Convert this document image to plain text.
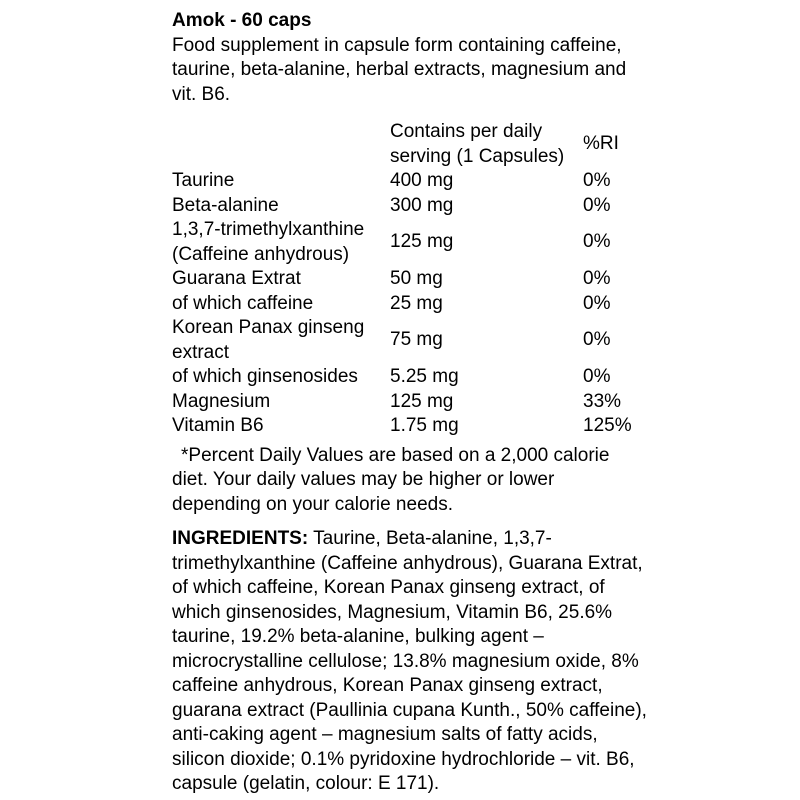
Amok - 60 caps

Food supplement in capsule form containing caffeine, taurine, beta-alanine, herbal extracts, magnesium and vit. B6.

	Contains per daily serving (1 Capsules)	%RI
Taurine	400 mg	0%
Beta-alanine	300 mg	0%
1,3,7-trimethylxanthine (Caffeine anhydrous)	125 mg	0%
Guarana Extrat	50 mg	0%
of which caffeine	25 mg	0%
Korean Panax ginseng extract	75 mg	0%
of which ginsenosides	5.25 mg	0%
Magnesium	125 mg	33%
Vitamin B6	1.75 mg	125%

*Percent Daily Values are based on a 2,000 calorie diet. Your daily values may be higher or lower depending on your calorie needs.

INGREDIENTS: Taurine, Beta-alanine, 1,3,7-trimethylxanthine (Caffeine anhydrous), Guarana Extrat, of which caffeine, Korean Panax ginseng extract, of which ginsenosides, Magnesium, Vitamin B6, 25.6% taurine, 19.2% beta-alanine, bulking agent – microcrystalline cellulose; 13.8% magnesium oxide, 8% caffeine anhydrous, Korean Panax ginseng extract, guarana extract (Paullinia cupana Kunth., 50% caffeine), anti-caking agent – magnesium salts of fatty acids, silicon dioxide; 0.1% pyridoxine hydrochloride – vit. B6, capsule (gelatin, colour: E 171).
